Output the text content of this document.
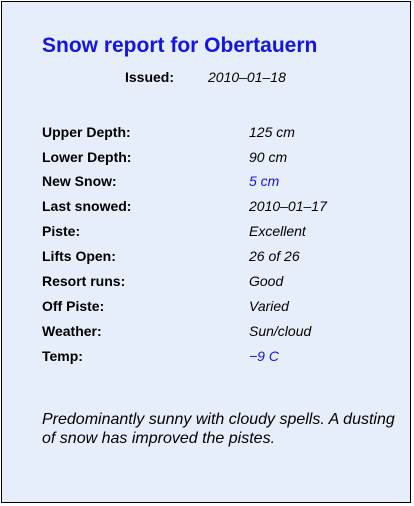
Snow report for Obertauern
Issued: 2010–01–18
Upper Depth:	125 cm
Lower Depth:	90 cm
New Snow:	5 cm
Last snowed:	2010–01–17
Piste:	Excellent
Lifts Open:	26 of 26
Resort runs:	Good
Off Piste:	Varied
Weather:	Sun/cloud
Temp:	−9 C
Predominantly sunny with cloudy spells. A dusting of snow has improved the pistes.
